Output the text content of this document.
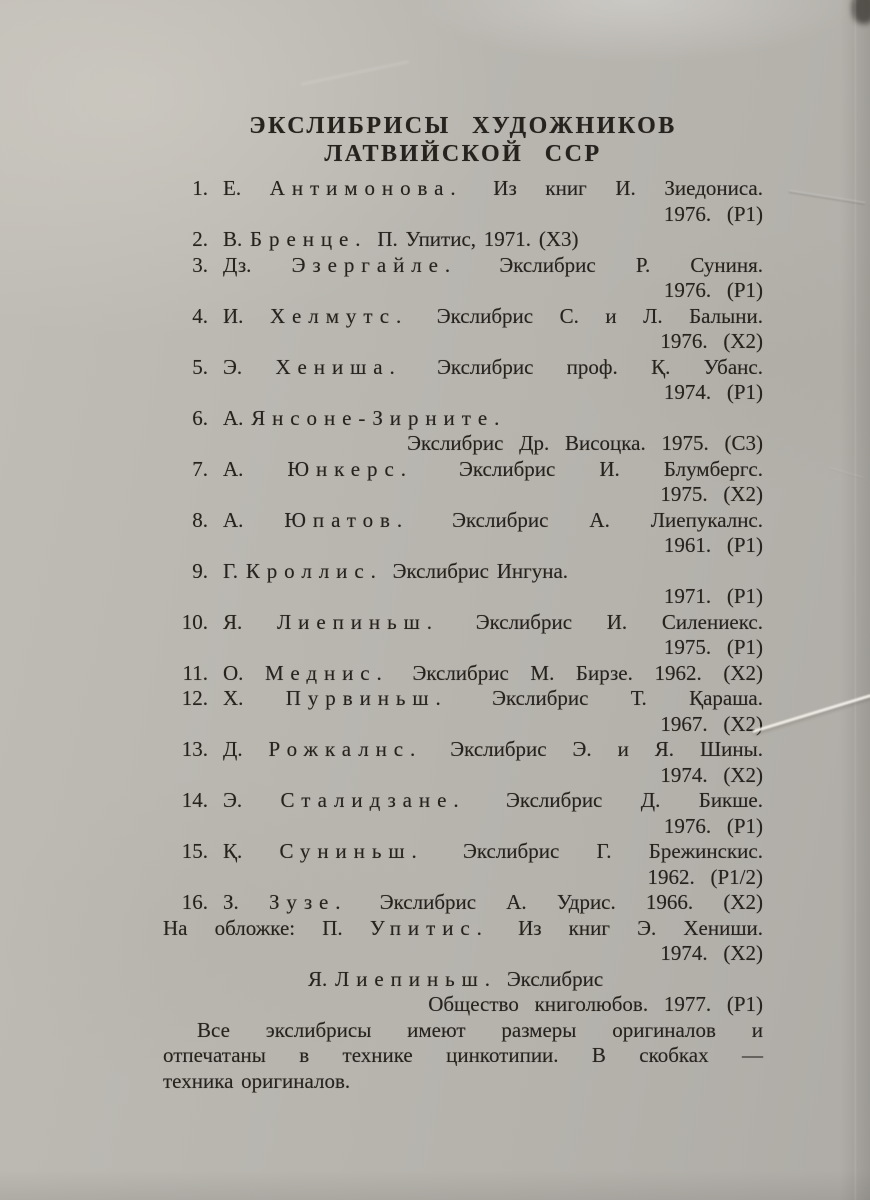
ЭКСЛИБРИСЫ ХУДОЖНИКОВ
ЛАТВИЙСКОЙ ССР
1. Е. Антимонова. Из книг И. Зиедониса.
1976. (Р1)
2. В. Бренце. П. Упитис, 1971. (Х3)
3. Дз. Эзергайле. Экслибрис Р. Суниня.
1976. (Р1)
4. И. Хелмутс. Экслибрис С. и Л. Балыни.
1976. (Х2)
5. Э. Хениша. Экслибрис проф. Қ. Убанс.
1974. (Р1)
6. А. Янсоне-Зирните.
Экслибрис Др. Висоцка. 1975. (С3)
7. А. Юнкерс. Экслибрис И. Блумбергс.
1975. (Х2)
8. А. Юпатов. Экслибрис А. Лиепукалнс.
1961. (Р1)
9. Г. Кроллис. Экслибрис Ингуна.
1971. (Р1)
10. Я. Лиепиньш. Экслибрис И. Силениекс.
1975. (Р1)
11. О. Меднис. Экслибрис М. Бирзе. 1962. (Х2)
12. Х. Пурвиньш. Экслибрис Т. Қараша.
1967. (Х2)
13. Д. Рожкалнс. Экслибрис Э. и Я. Шины.
1974. (Х2)
14. Э. Сталидзане. Экслибрис Д. Бикше.
1976. (Р1)
15. Қ. Суниньш. Экслибрис Г. Брежинскис.
1962. (Р1/2)
16. З. Зузе. Экслибрис А. Удрис. 1966. (Х2)
На обложке: П. Упитис. Из книг Э. Хениши.
1974. (Х2)
Я. Лиепиньш. Экслибрис
Общество книголюбов. 1977. (Р1)
Все экслибрисы имеют размеры оригиналов и
отпечатаны в технике цинкотипии. В скобках —
техника оригиналов.
